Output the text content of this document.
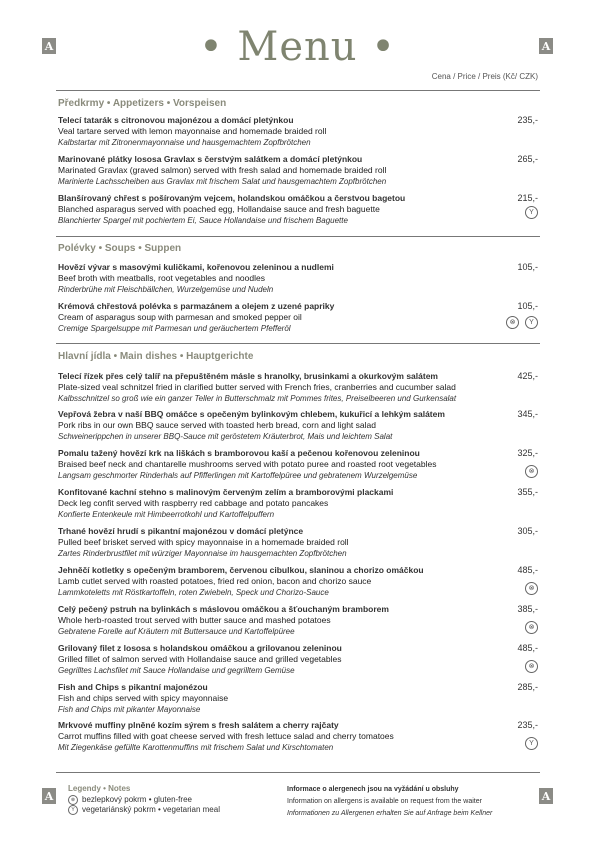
A	A
A	A
• Menu •
Cena / Price / Preis (Kč/ CZK)
Předkrmy • Appetizers • Vorspeisen
Telecí tatarák s citronovou majonézou a domácí pletýnkou
Veal tartare served with lemon mayonnaise and homemade braided roll
Kalbstartar mit Zitronenmayonnaise und hausgemachtem Zopfbrötchen
235,-
Marinované plátky lososa Gravlax s čerstvým salátkem a domácí pletýnkou
Marinated Gravlax (graved salmon) served with fresh salad and homemade braided roll
Marinierte Lachsscheiben aus Gravlax mit frischem Salat und hausgemachtem Zopfbrötchen
265,-
Blanšírovaný chřest s pošírovaným vejcem, holandskou omáčkou a čerstvou bagetou
Blanched asparagus served with poached egg, Hollandaise sauce and fresh baguette
Blanchierter Spargel mit pochiertem Ei, Sauce Hollandaise und frischem Baguette
215,-
Y
Polévky • Soups • Suppen
Hovězí vývar s masovými kuličkami, kořenovou zeleninou a nudlemi
Beef broth with meatballs, root vegetables and noodles
Rinderbrühe mit Fleischbällchen, Wurzelgemüse und Nudeln
105,-
Krémová chřestová polévka s parmazánem a olejem z uzené papriky
Cream of asparagus soup with parmesan and smoked pepper oil
Cremige Spargelsuppe mit Parmesan und geräuchertem Pfefferöl
105,-
⊗	Y
Hlavní jídla • Main dishes • Hauptgerichte
Telecí řízek přes celý talíř na přepuštěném másle s hranolky, brusinkami a okurkovým salátem
Plate-sized veal schnitzel fried in clarified butter served with French fries, cranberries and cucumber salad
Kalbsschnitzel so groß wie ein ganzer Teller in Butterschmalz mit Pommes frites, Preiselbeeren und Gurkensalat
425,-
Vepřová žebra v naší BBQ omáčce s opečeným bylinkovým chlebem, kukuřicí a lehkým salátem
Pork ribs in our own BBQ sauce served with toasted herb bread, corn and light salad
Schweinerippchen in unserer BBQ-Sauce mit geröstetem Kräuterbrot, Mais und leichtem Salat
345,-
Pomalu tažený hovězí krk na liškách s bramborovou kaší a pečenou kořenovou zeleninou
Braised beef neck and chantarelle mushrooms served with potato puree and roasted root vegetables
Langsam geschmorter Rinderhals auf Pfifferlingen mit Kartoffelpüree und gebratenem Wurzelgemüse
325,-
⊗
Konfitované kachní stehno s malinovým červeným zelím a bramborovými plackami
Deck leg confit served with raspberry red cabbage and potato pancakes
Konfierte Entenkeule mit Himbeerrotkohl und Kartoffelpuffern
355,-
Trhané hovězí hrudí s pikantní majonézou v domácí pletýnce
Pulled beef brisket served with spicy mayonnaise in a homemade braided roll
Zartes Rinderbrustfilet mit würziger Mayonnaise im hausgemachten Zopfbrötchen
305,-
Jehněčí kotletky s opečeným bramborem, červenou cibulkou, slaninou a chorizo omáčkou
Lamb cutlet served with roasted potatoes, fried red onion, bacon and chorizo sauce
Lammkoteletts mit Röstkartoffeln, roten Zwiebeln, Speck und Chorizo-Sauce
485,-
⊗
Celý pečený pstruh na bylinkách s máslovou omáčkou a šťouchaným bramborem
Whole herb-roasted trout served with butter sauce and mashed potatoes
Gebratene Forelle auf Kräutern mit Buttersauce und Kartoffelpüree
385,-
⊗
Grilovaný filet z lososa s holandskou omáčkou a grilovanou zeleninou
Grilled fillet of salmon served with Hollandaise sauce and grilled vegetables
Gegrilltes Lachsfilet mit Sauce Hollandaise und gegrilltem Gemüse
485,-
⊗
Fish and Chips s pikantní majonézou
Fish and chips served with spicy mayonnaise
Fish and Chips mit pikanter Mayonnaise
285,-
Mrkvové muffiny plněné kozím sýrem s fresh salátem a cherry rajčaty
Carrot muffins filled with goat cheese served with fresh lettuce salad and cherry tomatoes
Mit Ziegenkäse gefüllte Karottenmuffins mit frischem Salat und Kirschtomaten
235,-
Y
Legendy • Notes
⊗ bezlepkový pokrm • gluten-free
Y vegetariánský pokrm • vegetarian meal
Informace o alergenech jsou na vyžádání u obsluhy
Information on allergens is available on request from the waiter
Informationen zu Allergenen erhalten Sie auf Anfrage beim Kellner
